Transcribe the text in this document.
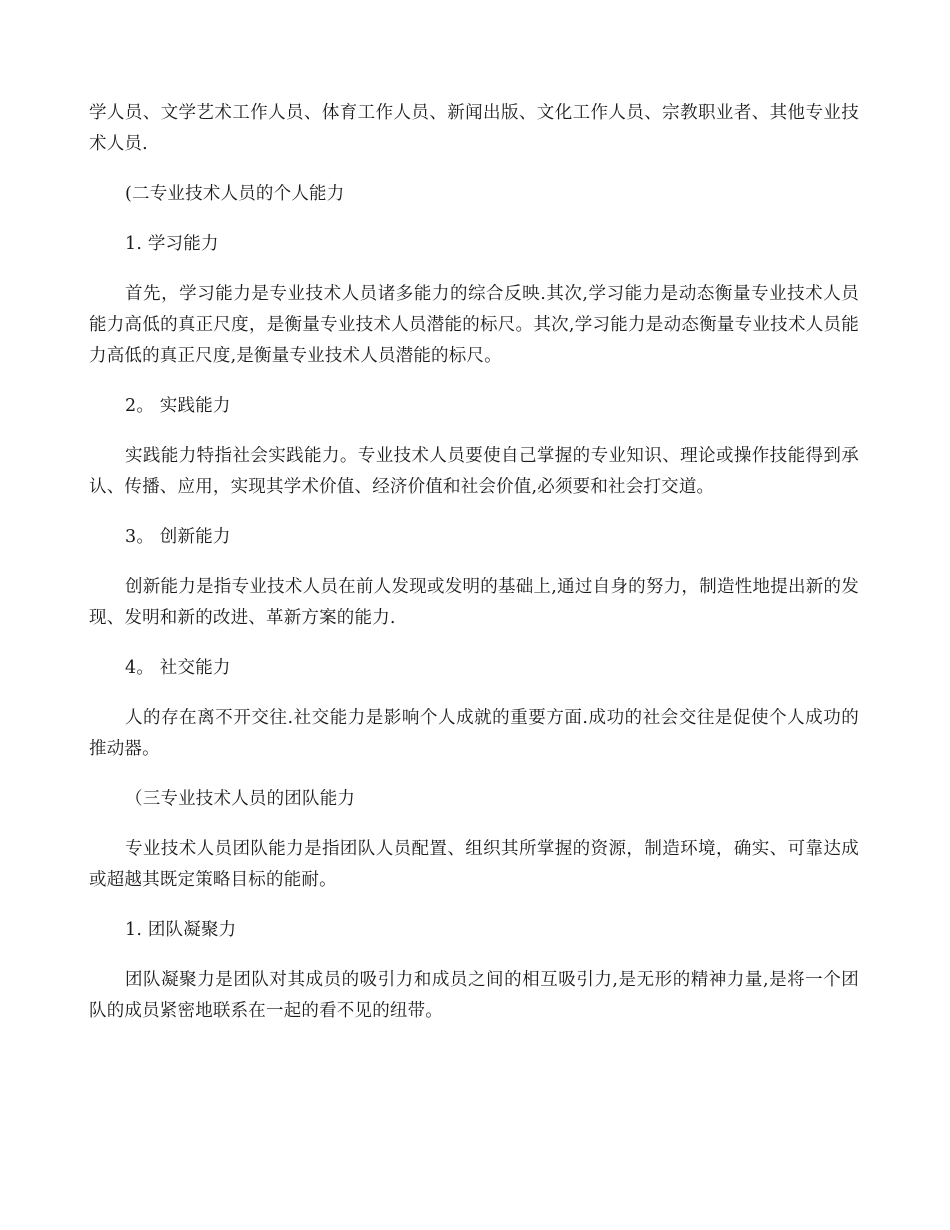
学人员、文学艺术工作人员、体育工作人员、新闻出版、文化工作人员、宗教职业者、其他专业技术人员.

(二专业技术人员的个人能力

1. 学习能力

首先，学习能力是专业技术人员诸多能力的综合反映.其次,学习能力是动态衡量专业技术人员能力高低的真正尺度，是衡量专业技术人员潜能的标尺。其次,学习能力是动态衡量专业技术人员能力高低的真正尺度,是衡量专业技术人员潜能的标尺。

2。 实践能力

实践能力特指社会实践能力。专业技术人员要使自己掌握的专业知识、理论或操作技能得到承认、传播、应用，实现其学术价值、经济价值和社会价值,必须要和社会打交道。

3。 创新能力

创新能力是指专业技术人员在前人发现或发明的基础上,通过自身的努力，制造性地提出新的发现、发明和新的改进、革新方案的能力.

4。 社交能力

人的存在离不开交往.社交能力是影响个人成就的重要方面.成功的社会交往是促使个人成功的推动器。

（三专业技术人员的团队能力

专业技术人员团队能力是指团队人员配置、组织其所掌握的资源，制造环境，确实、可靠达成或超越其既定策略目标的能耐。

1. 团队凝聚力

团队凝聚力是团队对其成员的吸引力和成员之间的相互吸引力,是无形的精神力量,是将一个团队的成员紧密地联系在一起的看不见的纽带。
